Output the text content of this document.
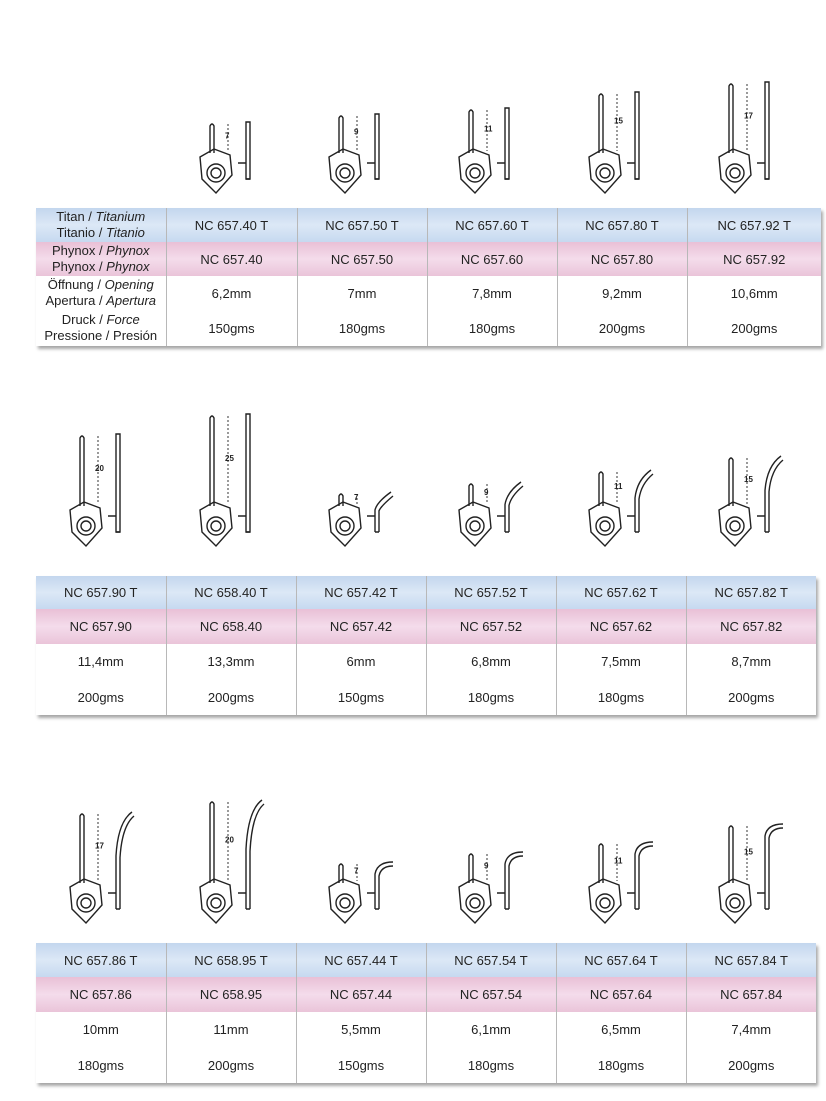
7	9	11
15
17
Titan / Titanium
Titanio / Titanio	NC 657.40 T	NC 657.50 T	NC 657.60 T	NC 657.80 T	NC 657.92 T
Phynox / Phynox
Phynox / Phynox	NC 657.40	NC 657.50	NC 657.60	NC 657.80	NC 657.92
Öffnung / Opening
Apertura / Apertura	6,2mm	7mm	7,8mm	9,2mm	10,6mm
Druck / Force
Pressione / Presión	150gms	180gms	180gms	200gms	200gms
20
25
7
9
11
15
NC 657.90 T	NC 658.40 T	NC 657.42 T	NC 657.52 T	NC 657.62 T	NC 657.82 T
NC 657.90	NC 658.40	NC 657.42	NC 657.52	NC 657.62	NC 657.82
11,4mm	13,3mm	6mm	6,8mm	7,5mm	8,7mm
200gms	200gms	150gms	180gms	180gms	200gms
17
20
7
9
11
15
NC 657.86 T	NC 658.95 T	NC 657.44 T	NC 657.54 T	NC 657.64 T	NC 657.84 T
NC 657.86	NC 658.95	NC 657.44	NC 657.54	NC 657.64	NC 657.84
10mm	11mm	5,5mm	6,1mm	6,5mm	7,4mm
180gms	200gms	150gms	180gms	180gms	200gms
